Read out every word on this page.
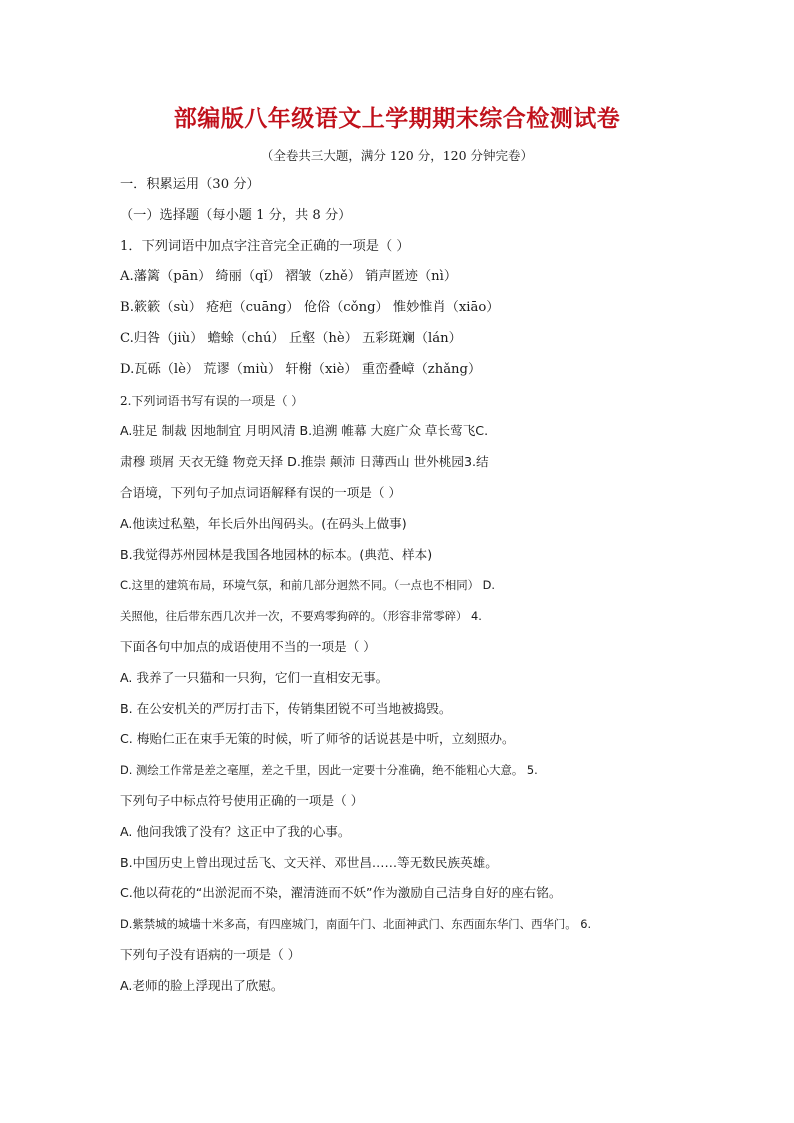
部编版八年级语文上学期期末综合检测试卷
（全卷共三大题，满分 120 分，120 分钟完卷）
一．积累运用（30 分）
（一）选择题（每小题 1 分，共 8 分）
1．下列词语中加点字注音完全正确的一项是（ ）
A.藩篱（pān） 绮丽（qǐ） 褶皱（zhě） 销声匿迹（nì）
B.簌簌（sù） 疮疤（cuāng） 伧俗（cǒng） 惟妙惟肖（xiāo）
C.归咎（jiù） 蟾蜍（chú） 丘壑（hè） 五彩斑斓（lán）
D.瓦砾（lè） 荒谬（miù） 轩榭（xiè） 重峦叠嶂（zhǎng）
2.下列词语书写有误的一项是（ ）
A.驻足 制裁 因地制宜 月明风清 B.追溯 帷幕 大庭广众 草长莺飞C.
肃穆 琐屑 天衣无缝 物竞天择 D.推崇 颠沛 日薄西山 世外桃园3.结
合语境，下列句子加点词语解释有误的一项是（ ）
A.他读过私塾，年长后外出闯码头。(在码头上做事)
B.我觉得苏州园林是我国各地园林的标本。(典范、样本)
C.这里的建筑布局，环境气氛，和前几部分迥然不同。（一点也不相同） D.
关照他，往后带东西几次并一次，不要鸡零狗碎的。（形容非常零碎） 4.
下面各句中加点的成语使用不当的一项是（ ）
A. 我养了一只猫和一只狗，它们一直相安无事。
B. 在公安机关的严厉打击下，传销集团锐不可当地被捣毁。
C. 梅贻仁正在束手无策的时候，听了师爷的话说甚是中听，立刻照办。
D. 测绘工作常是差之毫厘，差之千里，因此一定要十分准确，绝不能粗心大意。 5.
下列句子中标点符号使用正确的一项是（ ）
A. 他问我饿了没有？这正中了我的心事。
B.中国历史上曾出现过岳飞、文天祥、邓世昌……等无数民族英雄。
C.他以荷花的“出淤泥而不染，濯清涟而不妖”作为激励自己洁身自好的座右铭。
D.紫禁城的城墙十米多高，有四座城门，南面午门、北面神武门、东西面东华门、西华门。 6.
下列句子没有语病的一项是（ ）
A.老师的脸上浮现出了欣慰。
